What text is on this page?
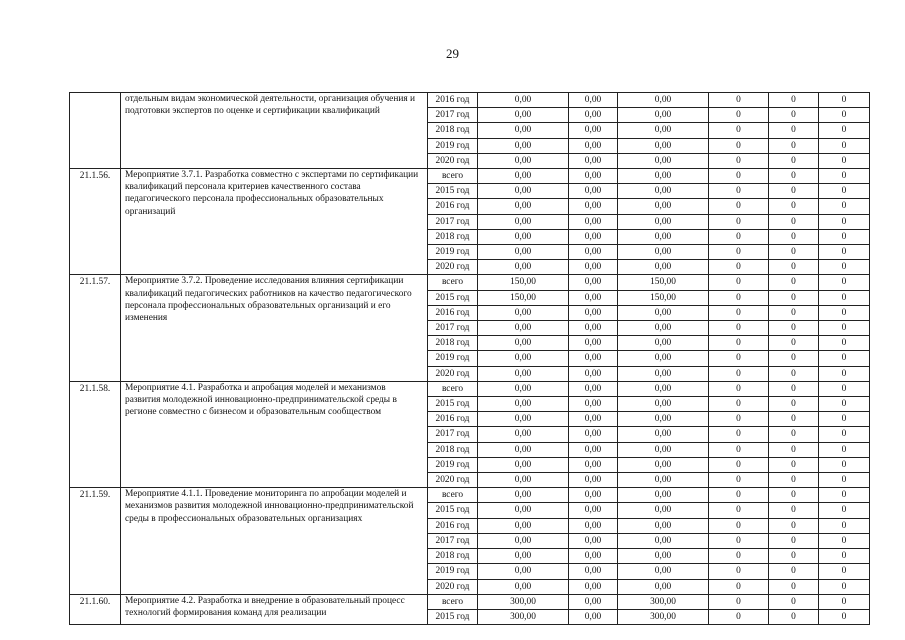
29
	отдельным видам экономической деятельности, организация обучения и подготовки экспертов по оценке и сертификации квалификаций	2016 год	0,00	0,00	0,00	0	0	0
		2017 год	0,00	0,00	0,00	0	0	0
		2018 год	0,00	0,00	0,00	0	0	0
		2019 год	0,00	0,00	0,00	0	0	0
		2020 год	0,00	0,00	0,00	0	0	0
21.1.56.	Мероприятие 3.7.1. Разработка совместно с экспертами по сертификации квалификаций персонала критериев качественного состава педагогического персонала профессиональных образовательных организаций	всего	0,00	0,00	0,00	0	0	0
		2015 год	0,00	0,00	0,00	0	0	0
		2016 год	0,00	0,00	0,00	0	0	0
		2017 год	0,00	0,00	0,00	0	0	0
		2018 год	0,00	0,00	0,00	0	0	0
		2019 год	0,00	0,00	0,00	0	0	0
		2020 год	0,00	0,00	0,00	0	0	0
21.1.57.	Мероприятие 3.7.2. Проведение исследования влияния сертификации квалификаций педагогических работников на качество педагогического персонала профессиональных образовательных организаций и его изменения	всего	150,00	0,00	150,00	0	0	0
		2015 год	150,00	0,00	150,00	0	0	0
		2016 год	0,00	0,00	0,00	0	0	0
		2017 год	0,00	0,00	0,00	0	0	0
		2018 год	0,00	0,00	0,00	0	0	0
		2019 год	0,00	0,00	0,00	0	0	0
		2020 год	0,00	0,00	0,00	0	0	0
21.1.58.	Мероприятие 4.1. Разработка и апробация моделей и механизмов развития молодежной инновационно-предпринимательской среды в регионе совместно с бизнесом и образовательным сообществом	всего	0,00	0,00	0,00	0	0	0
		2015 год	0,00	0,00	0,00	0	0	0
		2016 год	0,00	0,00	0,00	0	0	0
		2017 год	0,00	0,00	0,00	0	0	0
		2018 год	0,00	0,00	0,00	0	0	0
		2019 год	0,00	0,00	0,00	0	0	0
		2020 год	0,00	0,00	0,00	0	0	0
21.1.59.	Мероприятие 4.1.1. Проведение мониторинга по апробации моделей и механизмов развития молодежной инновационно-предпринимательской среды в профессиональных образовательных организациях	всего	0,00	0,00	0,00	0	0	0
		2015 год	0,00	0,00	0,00	0	0	0
		2016 год	0,00	0,00	0,00	0	0	0
		2017 год	0,00	0,00	0,00	0	0	0
		2018 год	0,00	0,00	0,00	0	0	0
		2019 год	0,00	0,00	0,00	0	0	0
		2020 год	0,00	0,00	0,00	0	0	0
21.1.60.	Мероприятие 4.2. Разработка и внедрение в образовательный процесс технологий формирования команд для реализации	всего	300,00	0,00	300,00	0	0	0
		2015 год	300,00	0,00	300,00	0	0	0
